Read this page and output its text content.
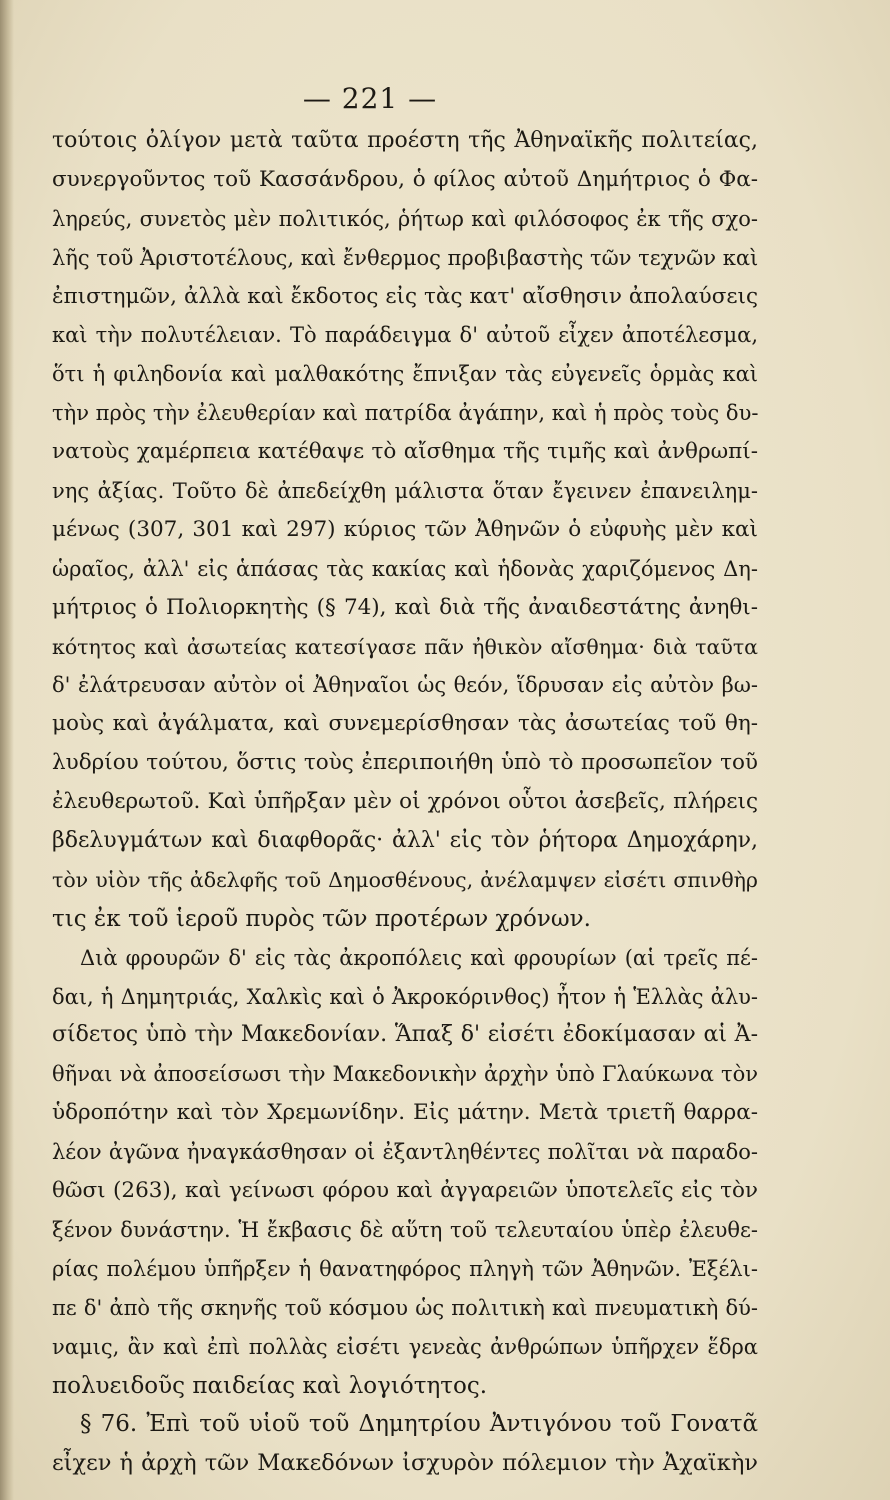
— 221 —
τούτοις ὀλίγον μετὰ ταῦτα προέστη τῆς Ἀθηναϊκῆς πολιτείας,
συνεργοῦντος τοῦ Κασσάνδρου, ὁ φίλος αὐτοῦ Δημήτριος ὁ Φα-
ληρεύς, συνετὸς μὲν πολιτικός, ῥήτωρ καὶ φιλόσοφος ἐκ τῆς σχο-
λῆς τοῦ Ἀριστοτέλους, καὶ ἔνθερμος προβιβαστὴς τῶν τεχνῶν καὶ
ἐπιστημῶν, ἀλλὰ καὶ ἔκδοτος εἰς τὰς κατ' αἴσθησιν ἀπολαύσεις
καὶ τὴν πολυτέλειαν. Τὸ παράδειγμα δ' αὐτοῦ εἶχεν ἀποτέλεσμα,
ὅτι ἡ φιληδονία καὶ μαλθακότης ἔπνιξαν τὰς εὐγενεῖς ὁρμὰς καὶ
τὴν πρὸς τὴν ἐλευθερίαν καὶ πατρίδα ἀγάπην, καὶ ἡ πρὸς τοὺς δυ-
νατοὺς χαμέρπεια κατέθαψε τὸ αἴσθημα τῆς τιμῆς καὶ ἀνθρωπί-
νης ἀξίας. Τοῦτο δὲ ἀπεδείχθη μάλιστα ὅταν ἔγεινεν ἐπανειλημ-
μένως (307, 301 καὶ 297) κύριος τῶν Ἀθηνῶν ὁ εὐφυὴς μὲν καὶ
ὡραῖος, ἀλλ' εἰς ἁπάσας τὰς κακίας καὶ ἡδονὰς χαριζόμενος Δη-
μήτριος ὁ Πολιορκητὴς (§ 74), καὶ διὰ τῆς ἀναιδεστάτης ἀνηθι-
κότητος καὶ ἀσωτείας κατεσίγασε πᾶν ἠθικὸν αἴσθημα· διὰ ταῦτα
δ' ἐλάτρευσαν αὐτὸν οἱ Ἀθηναῖοι ὡς θεόν, ἵδρυσαν εἰς αὐτὸν βω-
μοὺς καὶ ἀγάλματα, καὶ συνεμερίσθησαν τὰς ἀσωτείας τοῦ θη-
λυδρίου τούτου, ὅστις τοὺς ἐπεριποιήθη ὑπὸ τὸ προσωπεῖον τοῦ
ἐλευθερωτοῦ. Καὶ ὑπῆρξαν μὲν οἱ χρόνοι οὗτοι ἀσεβεῖς, πλήρεις
βδελυγμάτων καὶ διαφθορᾶς· ἀλλ' εἰς τὸν ῥήτορα Δημοχάρην,
τὸν υἱὸν τῆς ἀδελφῆς τοῦ Δημοσθένους, ἀνέλαμψεν εἰσέτι σπινθὴρ
τις ἐκ τοῦ ἱεροῦ πυρὸς τῶν προτέρων χρόνων.
Διὰ φρουρῶν δ' εἰς τὰς ἀκροπόλεις καὶ φρουρίων (αἱ τρεῖς πέ-
δαι, ἡ Δημητριάς, Χαλκὶς καὶ ὁ Ἀκροκόρινθος) ἦτον ἡ Ἑλλὰς ἀλυ-
σίδετος ὑπὸ τὴν Μακεδονίαν. Ἅπαξ δ' εἰσέτι ἐδοκίμασαν αἱ Ἀ-
θῆναι νὰ ἀποσείσωσι τὴν Μακεδονικὴν ἀρχὴν ὑπὸ Γλαύκωνα τὸν
ὑδροπότην καὶ τὸν Χρεμωνίδην. Εἰς μάτην. Μετὰ τριετῆ θαρρα-
λέον ἀγῶνα ἠναγκάσθησαν οἱ ἐξαντληθέντες πολῖται νὰ παραδο-
θῶσι (263), καὶ γείνωσι φόρου καὶ ἀγγαρειῶν ὑποτελεῖς εἰς τὸν
ξένον δυνάστην. Ἡ ἔκβασις δὲ αὕτη τοῦ τελευταίου ὑπὲρ ἐλευθε-
ρίας πολέμου ὑπῆρξεν ἡ θανατηφόρος πληγὴ τῶν Ἀθηνῶν. Ἐξέλι-
πε δ' ἀπὸ τῆς σκηνῆς τοῦ κόσμου ὡς πολιτικὴ καὶ πνευματικὴ δύ-
ναμις, ἂν καὶ ἐπὶ πολλὰς εἰσέτι γενεὰς ἀνθρώπων ὑπῆρχεν ἕδρα
πολυειδοῦς παιδείας καὶ λογιότητος.
§ 76. Ἐπὶ τοῦ υἱοῦ τοῦ Δημητρίου Ἀντιγόνου τοῦ Γονατᾶ
εἶχεν ἡ ἀρχὴ τῶν Μακεδόνων ἰσχυρὸν πόλεμιον τὴν Ἀχαϊκὴν
